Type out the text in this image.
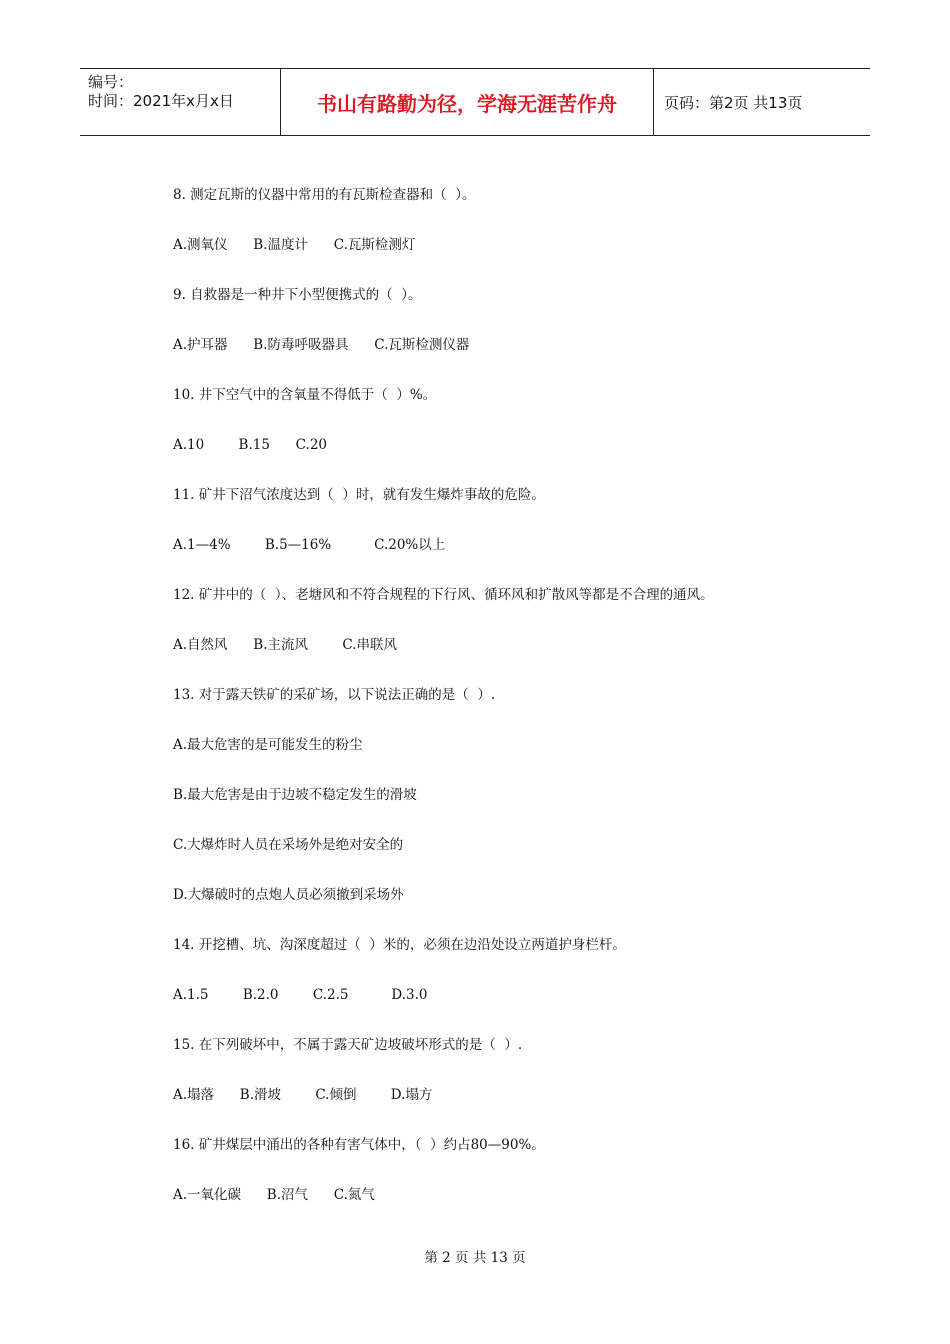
编号：
时间：2021年x月x日	书山有路勤为径，学海无涯苦作舟	页码：第2页 共13页
8. 测定瓦斯的仪器中常用的有瓦斯检查器和（  ）。
A.测氧仪      B.温度计      C.瓦斯检测灯
9. 自救器是一种井下小型便携式的（  ）。
A.护耳器      B.防毒呼吸器具      C.瓦斯检测仪器
10. 井下空气中的含氧量不得低于（  ）%。
A.10        B.15      C.20
11. 矿井下沼气浓度达到（  ）时，就有发生爆炸事故的危险。
A.1—4%        B.5—16%          C.20%以上
12. 矿井中的（  ）、老塘风和不符合规程的下行风、循环风和扩散风等都是不合理的通风。
A.自然风      B.主流风        C.串联风
13. 对于露天铁矿的采矿场，以下说法正确的是（  ）.
A.最大危害的是可能发生的粉尘
B.最大危害是由于边坡不稳定发生的滑坡
C.大爆炸时人员在采场外是绝对安全的
D.大爆破时的点炮人员必须撤到采场外
14. 开挖槽、坑、沟深度超过（  ）米的，必须在边沿处设立两道护身栏杆。
A.1.5        B.2.0        C.2.5          D.3.0
15. 在下列破坏中，不属于露天矿边坡破坏形式的是（  ）.
A.塌落      B.滑坡        C.倾倒        D.塌方
16. 矿井煤层中涌出的各种有害气体中，（  ）约占80—90%。
A.一氧化碳      B.沼气      C.氮气
第 2 页 共 13 页
